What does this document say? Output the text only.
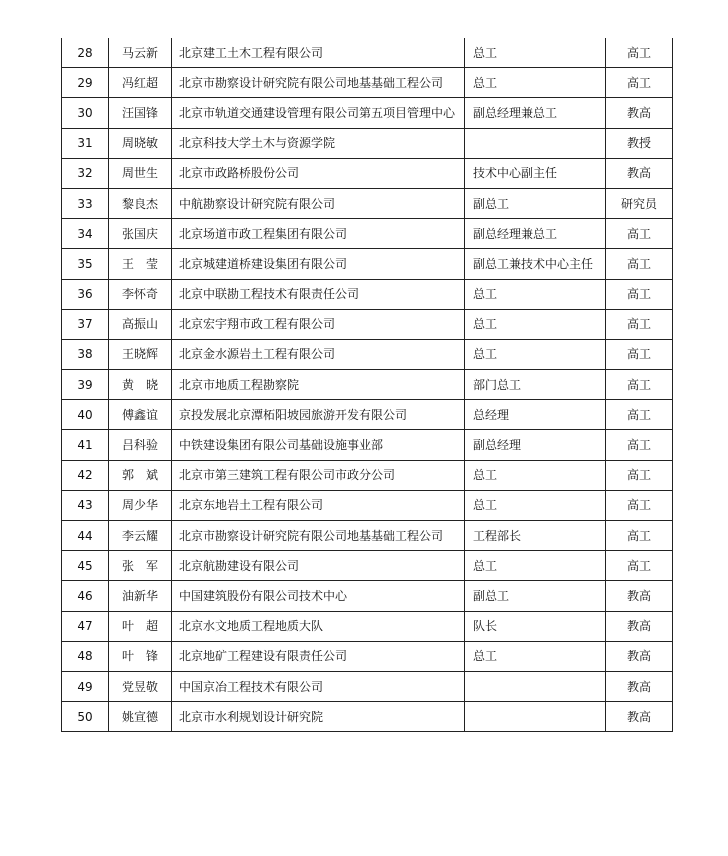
28	马云新	北京建工土木工程有限公司	总工	高工
29	冯红超	北京市勘察设计研究院有限公司地基基础工程公司	总工	高工
30	汪国锋	北京市轨道交通建设管理有限公司第五项目管理中心	副总经理兼总工	教高
31	周晓敏	北京科技大学土木与资源学院		教授
32	周世生	北京市政路桥股份公司	技术中心副主任	教高
33	黎良杰	中航勘察设计研究院有限公司	副总工	研究员
34	张国庆	北京场道市政工程集团有限公司	副总经理兼总工	高工
35	王　莹	北京城建道桥建设集团有限公司	副总工兼技术中心主任	高工
36	李怀奇	北京中联勘工程技术有限责任公司	总工	高工
37	高振山	北京宏宇翔市政工程有限公司	总工	高工
38	王晓辉	北京金水源岩土工程有限公司	总工	高工
39	黄　晓	北京市地质工程勘察院	部门总工	高工
40	傅鑫谊	京投发展北京潭柘阳坡园旅游开发有限公司	总经理	高工
41	吕科验	中铁建设集团有限公司基础设施事业部	副总经理	高工
42	郭　斌	北京市第三建筑工程有限公司市政分公司	总工	高工
43	周少华	北京东地岩土工程有限公司	总工	高工
44	李云耀	北京市勘察设计研究院有限公司地基基础工程公司	工程部长	高工
45	张　军	北京航勘建设有限公司	总工	高工
46	油新华	中国建筑股份有限公司技术中心	副总工	教高
47	叶　超	北京水文地质工程地质大队	队长	教高
48	叶　锋	北京地矿工程建设有限责任公司	总工	教高
49	党昱敬	中国京冶工程技术有限公司		教高
50	姚宣德	北京市水利规划设计研究院		教高
